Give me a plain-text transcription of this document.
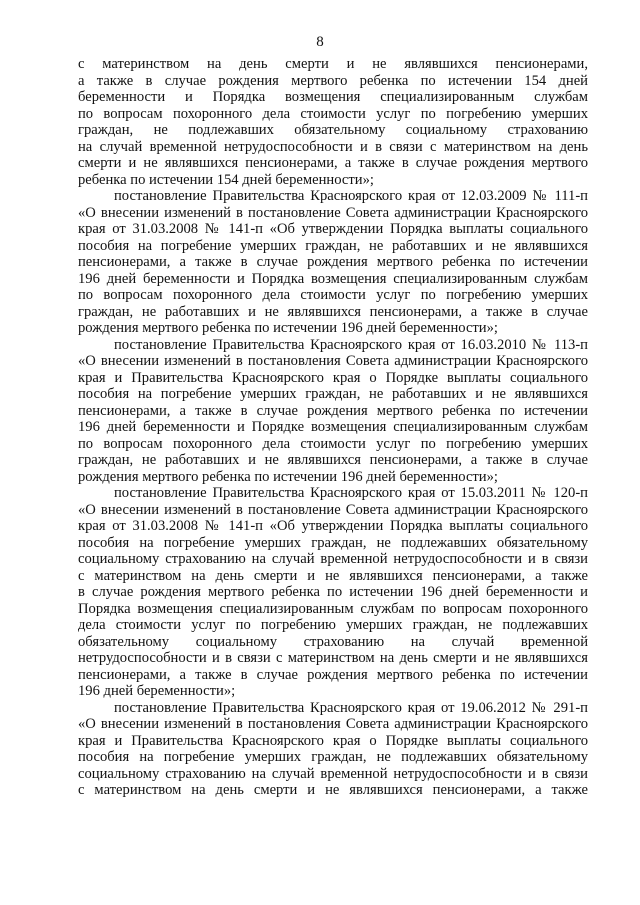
8
с материнством на день смерти и не являвшихся пенсионерами,
а также в случае рождения мертвого ребенка по истечении 154 дней
беременности и Порядка возмещения специализированным службам
по вопросам похоронного дела стоимости услуг по погребению умерших
граждан, не подлежавших обязательному социальному страхованию
на случай временной нетрудоспособности и в связи с материнством на день
смерти и не являвшихся пенсионерами, а также в случае рождения мертвого
ребенка по истечении 154 дней беременности»;
постановление Правительства Красноярского края от 12.03.2009 № 111-п
«О внесении изменений в постановление Совета администрации Красноярского
края от 31.03.2008 № 141-п «Об утверждении Порядка выплаты социального
пособия на погребение умерших граждан, не работавших и не являвшихся
пенсионерами, а также в случае рождения мертвого ребенка по истечении
196 дней беременности и Порядка возмещения специализированным службам
по вопросам похоронного дела стоимости услуг по погребению умерших
граждан, не работавших и не являвшихся пенсионерами, а также в случае
рождения мертвого ребенка по истечении 196 дней беременности»;
постановление Правительства Красноярского края от 16.03.2010 № 113-п
«О внесении изменений в постановления Совета администрации Красноярского
края и Правительства Красноярского края о Порядке выплаты социального
пособия на погребение умерших граждан, не работавших и не являвшихся
пенсионерами, а также в случае рождения мертвого ребенка по истечении
196 дней беременности и Порядке возмещения специализированным службам
по вопросам похоронного дела стоимости услуг по погребению умерших
граждан, не работавших и не являвшихся пенсионерами, а также в случае
рождения мертвого ребенка по истечении 196 дней беременности»;
постановление Правительства Красноярского края от 15.03.2011 № 120-п
«О внесении изменений в постановление Совета администрации Красноярского
края от 31.03.2008 № 141-п «Об утверждении Порядка выплаты социального
пособия на погребение умерших граждан, не подлежавших обязательному
социальному страхованию на случай временной нетрудоспособности и в связи
с материнством на день смерти и не являвшихся пенсионерами, а также
в случае рождения мертвого ребенка по истечении 196 дней беременности и
Порядка возмещения специализированным службам по вопросам похоронного
дела стоимости услуг по погребению умерших граждан, не подлежавших
обязательному социальному страхованию на случай временной
нетрудоспособности и в связи с материнством на день смерти и не являвшихся
пенсионерами, а также в случае рождения мертвого ребенка по истечении
196 дней беременности»;
постановление Правительства Красноярского края от 19.06.2012 № 291-п
«О внесении изменений в постановления Совета администрации Красноярского
края и Правительства Красноярского края о Порядке выплаты социального
пособия на погребение умерших граждан, не подлежавших обязательному
социальному страхованию на случай временной нетрудоспособности и в связи
с материнством на день смерти и не являвшихся пенсионерами, а также
